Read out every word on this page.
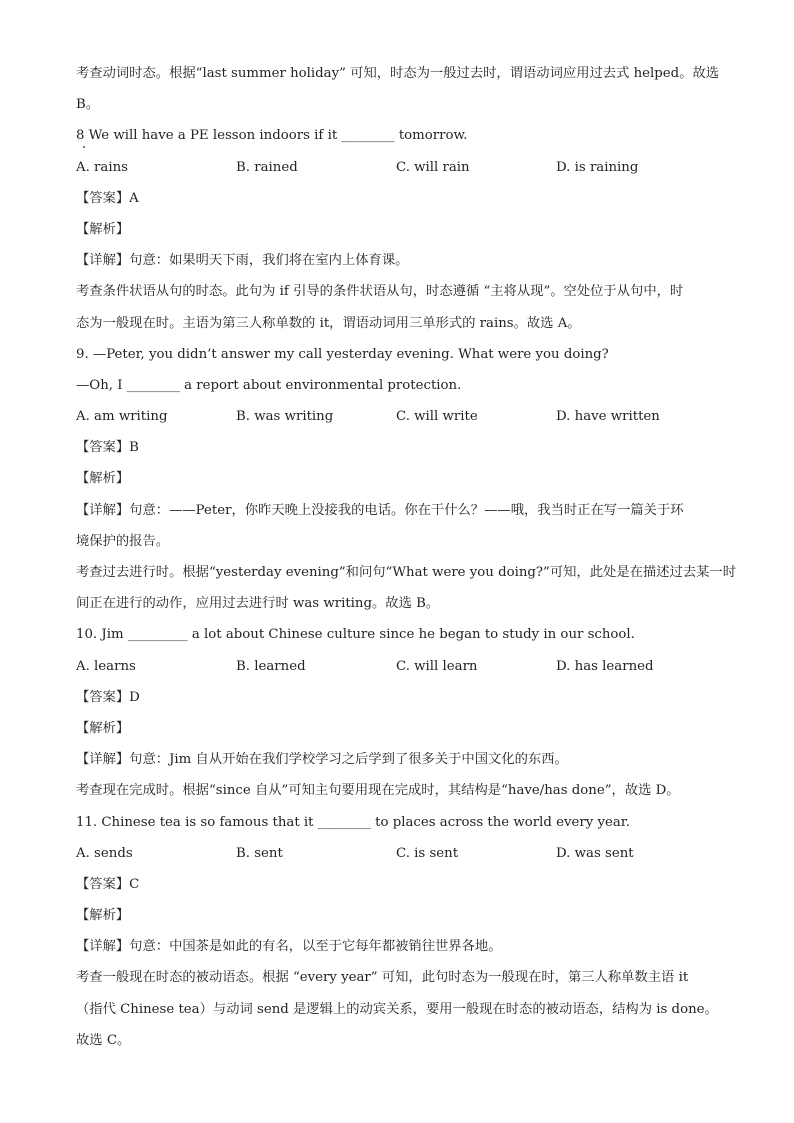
考查动词时态。根据“last summer holiday” 可知，时态为一般过去时，谓语动词应用过去式 helped。故选
B。
8 We will have a PE lesson indoors if it ________ tomorrow.
A. rains	B. rained	C. will rain	D. is raining
【答案】A
【解析】
【详解】句意：如果明天下雨，我们将在室内上体育课。
考查条件状语从句的时态。此句为 if 引导的条件状语从句，时态遵循 “主将从现”。空处位于从句中，时
态为一般现在时。主语为第三人称单数的 it，谓语动词用三单形式的 rains。故选 A。
9. —Peter, you didn’t answer my call yesterday evening. What were you doing?
—Oh, I ________ a report about environmental protection.
A. am writing	B. was writing	C. will write	D. have written
【答案】B
【解析】
【详解】句意：——Peter，你昨天晚上没接我的电话。你在干什么？——哦，我当时正在写一篇关于环
境保护的报告。
考查过去进行时。根据“yesterday evening”和问句“What were you doing?”可知，此处是在描述过去某一时
间正在进行的动作，应用过去进行时 was writing。故选 B。
10. Jim _________ a lot about Chinese culture since he began to study in our school.
A. learns	B. learned	C. will learn	D. has learned
【答案】D
【解析】
【详解】句意：Jim 自从开始在我们学校学习之后学到了很多关于中国文化的东西。
考查现在完成时。根据“since 自从”可知主句要用现在完成时，其结构是“have/has done”，故选 D。
11. Chinese tea is so famous that it ________ to places across the world every year.
A. sends	B. sent	C. is sent	D. was sent
【答案】C
【解析】
【详解】句意：中国茶是如此的有名，以至于它每年都被销往世界各地。
考查一般现在时态的被动语态。根据 “every year” 可知，此句时态为一般现在时，第三人称单数主语 it
（指代 Chinese tea）与动词 send 是逻辑上的动宾关系，要用一般现在时态的被动语态，结构为 is done。
故选 C。
